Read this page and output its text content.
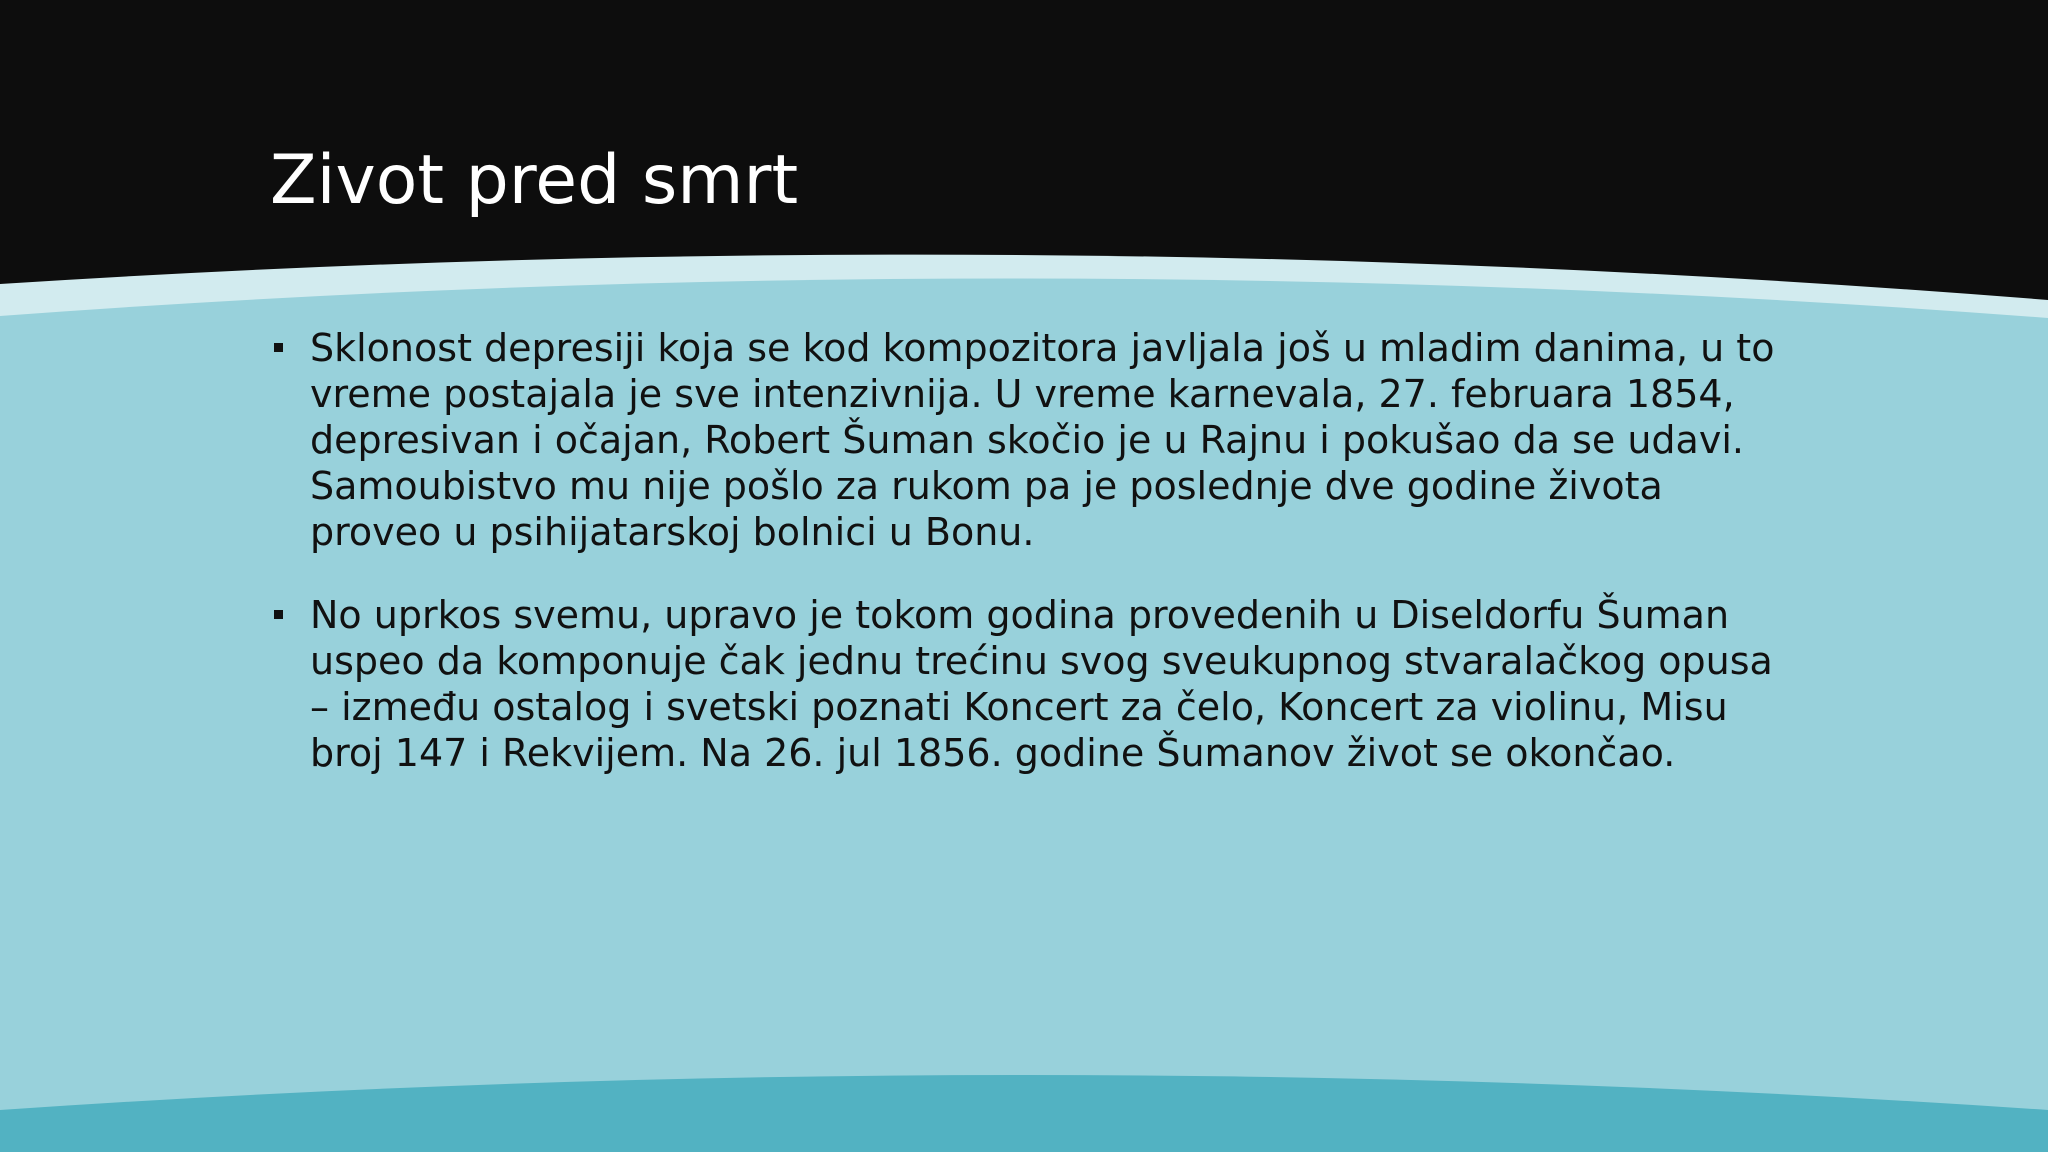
Zivot pred smrt
Sklonost depresiji koja se kod kompozitora javljala još u mladim danima, u to vreme postajala je sve intenzivnija. U vreme karnevala, 27. februara 1854, depresivan i očajan, Robert Šuman skočio je u Rajnu i pokušao da se udavi. Samoubistvo mu nije pošlo za rukom pa je poslednje dve godine života proveo u psihijatarskoj bolnici u Bonu.
No uprkos svemu, upravo je tokom godina provedenih u Diseldorfu Šuman uspeo da komponuje čak jednu trećinu svog sveukupnog stvaralačkog opusa – između ostalog i svetski poznati Koncert za čelo, Koncert za violinu, Misu broj 147 i Rekvijem. Na 26. jul 1856. godine Šumanov život se okončao.
